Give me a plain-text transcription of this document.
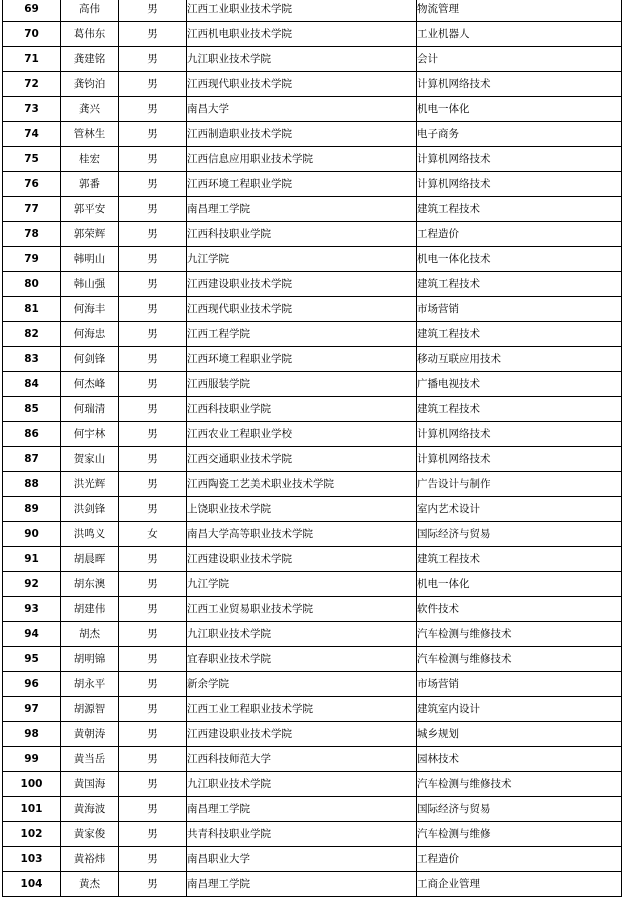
69	高伟	男	江西工业职业技术学院	物流管理
70	葛伟东	男	江西机电职业技术学院	工业机器人
71	龚建铭	男	九江职业技术学院	会计
72	龚钧泊	男	江西现代职业技术学院	计算机网络技术
73	龚兴	男	南昌大学	机电一体化
74	管林生	男	江西制造职业技术学院	电子商务
75	桂宏	男	江西信息应用职业技术学院	计算机网络技术
76	郭番	男	江西环境工程职业学院	计算机网络技术
77	郭平安	男	南昌理工学院	建筑工程技术
78	郭荣辉	男	江西科技职业学院	工程造价
79	韩明山	男	九江学院	机电一体化技术
80	韩山强	男	江西建设职业技术学院	建筑工程技术
81	何海丰	男	江西现代职业技术学院	市场营销
82	何海忠	男	江西工程学院	建筑工程技术
83	何剑锋	男	江西环境工程职业学院	移动互联应用技术
84	何杰峰	男	江西服装学院	广播电视技术
85	何瑞清	男	江西科技职业学院	建筑工程技术
86	何宇林	男	江西农业工程职业学校	计算机网络技术
87	贺家山	男	江西交通职业技术学院	计算机网络技术
88	洪光辉	男	江西陶瓷工艺美术职业技术学院	广告设计与制作
89	洪剑锋	男	上饶职业技术学院	室内艺术设计
90	洪鸣义	女	南昌大学高等职业技术学院	国际经济与贸易
91	胡晨晖	男	江西建设职业技术学院	建筑工程技术
92	胡东澳	男	九江学院	机电一体化
93	胡建伟	男	江西工业贸易职业技术学院	软件技术
94	胡杰	男	九江职业技术学院	汽车检测与维修技术
95	胡明锦	男	宜春职业技术学院	汽车检测与维修技术
96	胡永平	男	新余学院	市场营销
97	胡源智	男	江西工业工程职业技术学院	建筑室内设计
98	黄朝涛	男	江西建设职业技术学院	城乡规划
99	黄当岳	男	江西科技师范大学	园林技术
100	黄国海	男	九江职业技术学院	汽车检测与维修技术
101	黄海波	男	南昌理工学院	国际经济与贸易
102	黄家俊	男	共青科技职业学院	汽车检测与维修
103	黄裕炜	男	南昌职业大学	工程造价
104	黄杰	男	南昌理工学院	工商企业管理
